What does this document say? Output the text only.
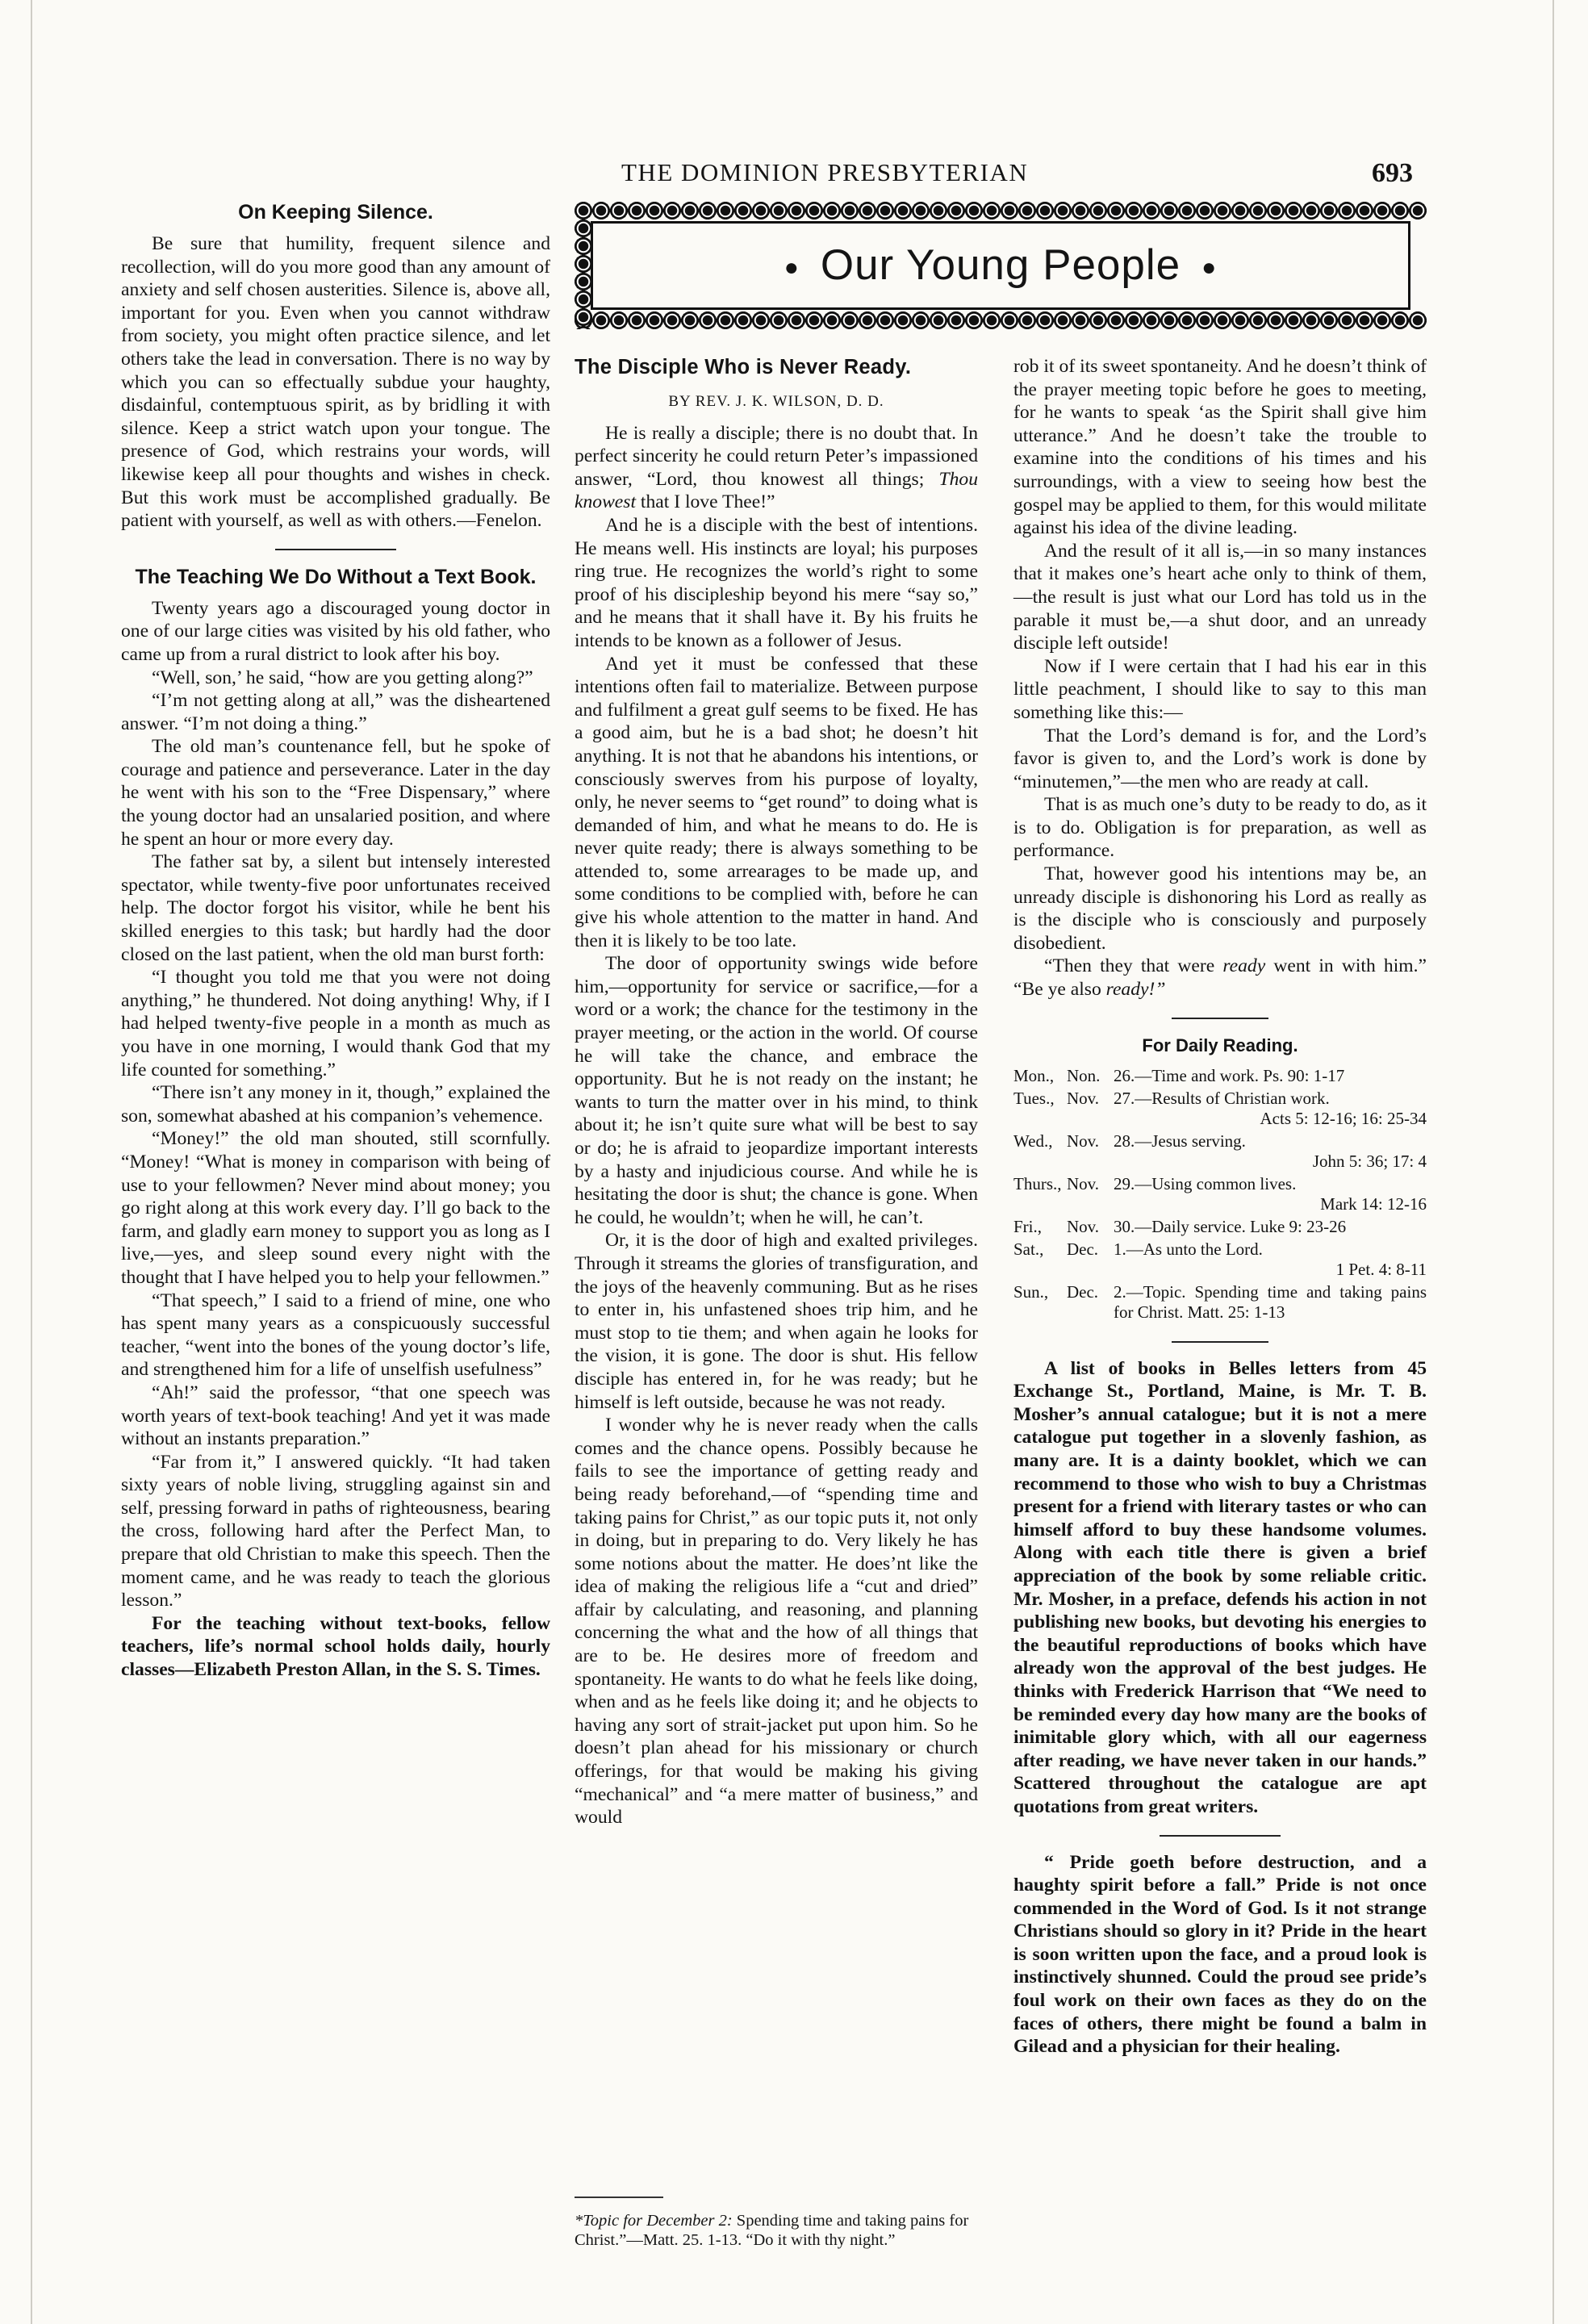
THE DOMINION PRESBYTERIAN	693
On Keeping Silence.

Be sure that humility, frequent silence and recollection, will do you more good than any amount of anxiety and self chosen austerities. Silence is, above all, important for you. Even when you cannot withdraw from society, you might often practice silence, and let others take the lead in conversation. There is no way by which you can so effectually subdue your haughty, disdainful, contemptuous spirit, as by bridling it with silence. Keep a strict watch upon your tongue. The presence of God, which restrains your words, will likewise keep all pour thoughts and wishes in check. But this work must be accomplished gradually. Be patient with yourself, as well as with others.—Fenelon.

The Teaching We Do Without a Text Book.

Twenty years ago a discouraged young doctor in one of our large cities was visited by his old father, who came up from a rural district to look after his boy.

“Well, son,’ he said, “how are you getting along?”

“I’m not getting along at all,” was the disheartened answer. “I’m not doing a thing.”

The old man’s countenance fell, but he spoke of courage and patience and perseverance. Later in the day he went with his son to the “Free Dispensary,” where the young doctor had an unsalaried position, and where he spent an hour or more every day.

The father sat by, a silent but intensely interested spectator, while twenty-five poor unfortunates received help. The doctor forgot his visitor, while he bent his skilled energies to this task; but hardly had the door closed on the last patient, when the old man burst forth:

“I thought you told me that you were not doing anything,” he thundered. Not doing anything! Why, if I had helped twenty-five people in a month as much as you have in one morning, I would thank God that my life counted for something.”

“There isn’t any money in it, though,” explained the son, somewhat abashed at his companion’s vehemence.

“Money!” the old man shouted, still scornfully. “Money! “What is money in comparison with being of use to your fellowmen? Never mind about money; you go right along at this work every day. I’ll go back to the farm, and gladly earn money to support you as long as I live,—yes, and sleep sound every night with the thought that I have helped you to help your fellowmen.”

“That speech,” I said to a friend of mine, one who has spent many years as a conspicuously successful teacher, “went into the bones of the young doctor’s life, and strengthened him for a life of unselfish usefulness”

“Ah!” said the professor, “that one speech was worth years of text-book teaching! And yet it was made without an instants preparation.”

“Far from it,” I answered quickly. “It had taken sixty years of noble living, struggling against sin and self, pressing forward in paths of righteousness, bearing the cross, following hard after the Perfect Man, to prepare that old Christian to make this speech. Then the moment came, and he was ready to teach the glorious lesson.”

For the teaching without text-books, fellow teachers, life’s normal school holds daily, hourly classes—Elizabeth Preston Allan, in the S. S. Times.

● Our Young People ●
The Disciple Who is Never Ready.

BY REV. J. K. WILSON, D. D.

He is really a disciple; there is no doubt that. In perfect sincerity he could return Peter’s impassioned answer, “Lord, thou knowest all things; Thou knowest that I love Thee!”

And he is a disciple with the best of intentions. He means well. His instincts are loyal; his purposes ring true. He recognizes the world’s right to some proof of his discipleship beyond his mere “say so,” and he means that it shall have it. By his fruits he intends to be known as a follower of Jesus.

And yet it must be confessed that these intentions often fail to materialize. Between purpose and fulfilment a great gulf seems to be fixed. He has a good aim, but he is a bad shot; he doesn’t hit anything. It is not that he abandons his intentions, or consciously swerves from his purpose of loyalty, only, he never seems to “get round” to doing what is demanded of him, and what he means to do. He is never quite ready; there is always something to be attended to, some arrearages to be made up, and some conditions to be complied with, before he can give his whole attention to the matter in hand. And then it is likely to be too late.

The door of opportunity swings wide before him,—opportunity for service or sacrifice,—for a word or a work; the chance for the testimony in the prayer meeting, or the action in the world. Of course he will take the chance, and embrace the opportunity. But he is not ready on the instant; he wants to turn the matter over in his mind, to think about it; he isn’t quite sure what will be best to say or do; he is afraid to jeopardize important interests by a hasty and injudicious course. And while he is hesitating the door is shut; the chance is gone. When he could, he wouldn’t; when he will, he can’t.

Or, it is the door of high and exalted privileges. Through it streams the glories of transfiguration, and the joys of the heavenly communing. But as he rises to enter in, his unfastened shoes trip him, and he must stop to tie them; and when again he looks for the vision, it is gone. The door is shut. His fellow disciple has entered in, for he was ready; but he himself is left outside, because he was not ready.

I wonder why he is never ready when the calls comes and the chance opens. Possibly because he fails to see the importance of getting ready and being ready beforehand,—of “spending time and taking pains for Christ,” as our topic puts it, not only in doing, but in preparing to do. Very likely he has some notions about the matter. He does’nt like the idea of making the religious life a “cut and dried” affair by calculating, and reasoning, and planning concerning the what and the how of all things that are to be. He desires more of freedom and spontaneity. He wants to do what he feels like doing, when and as he feels like doing it; and he objects to having any sort of strait-jacket put upon him. So he doesn’t plan ahead for his missionary or church offerings, for that would be making his giving “mechanical” and “a mere matter of business,” and would

*Topic for December 2: Spending time and taking pains for Christ.”—Matt. 25. 1-13. “Do it with thy night.”

rob it of its sweet spontaneity. And he doesn’t think of the prayer meeting topic before he goes to meeting, for he wants to speak ‘as the Spirit shall give him utterance.” And he doesn’t take the trouble to examine into the conditions of his times and his surroundings, with a view to seeing how best the gospel may be applied to them, for this would militate against his idea of the divine leading.

And the result of it all is,—in so many instances that it makes one’s heart ache only to think of them,—the result is just what our Lord has told us in the parable it must be,—a shut door, and an unready disciple left outside!

Now if I were certain that I had his ear in this little peachment, I should like to say to this man something like this:—

That the Lord’s demand is for, and the Lord’s favor is given to, and the Lord’s work is done by “minutemen,”—the men who are ready at call.

That is as much one’s duty to be ready to do, as it is to do. Obligation is for preparation, as well as performance.

That, however good his intentions may be, an unready disciple is dishonoring his Lord as really as is the disciple who is consciously and purposely disobedient.

“Then they that were ready went in with him.” “Be ye also ready!”

For Daily Reading.
Mon.,	Non.	26.—Time and work. Ps. 90: 1-17
Tues.,	Nov.	27.—Results of Christian work.
Acts 5: 12-16; 16: 25-34

Wed.,	Nov.	28.—Jesus serving.
John 5: 36; 17: 4

Thurs.,	Nov.	29.—Using common lives.
Mark 14: 12-16

Fri.,	Nov.	30.—Daily service. Luke 9: 23-26
Sat.,	Dec.	1.—As unto the Lord.
1 Pet. 4: 8-11

Sun.,	Dec.	2.—Topic. Spending time and taking pains for Christ. Matt. 25: 1-13

A list of books in Belles letters from 45 Exchange St., Portland, Maine, is Mr. T. B. Mosher’s annual catalogue; but it is not a mere catalogue put together in a slovenly fashion, as many are. It is a dainty booklet, which we can recommend to those who wish to buy a Christmas present for a friend with literary tastes or who can himself afford to buy these handsome volumes. Along with each title there is given a brief appreciation of the book by some reliable critic. Mr. Mosher, in a preface, defends his action in not publishing new books, but devoting his energies to the beautiful reproductions of books which have already won the approval of the best judges. He thinks with Frederick Harrison that “We need to be reminded every day how many are the books of inimitable glory which, with all our eagerness after reading, we have never taken in our hands.” Scattered throughout the catalogue are apt quotations from great writers.

“ Pride goeth before destruction, and a haughty spirit before a fall.” Pride is not once commended in the Word of God. Is it not strange Christians should so glory in it? Pride in the heart is soon written upon the face, and a proud look is instinctively shunned. Could the proud see pride’s foul work on their own faces as they do on the faces of others, there might be found a balm in Gilead and a physician for their healing.
